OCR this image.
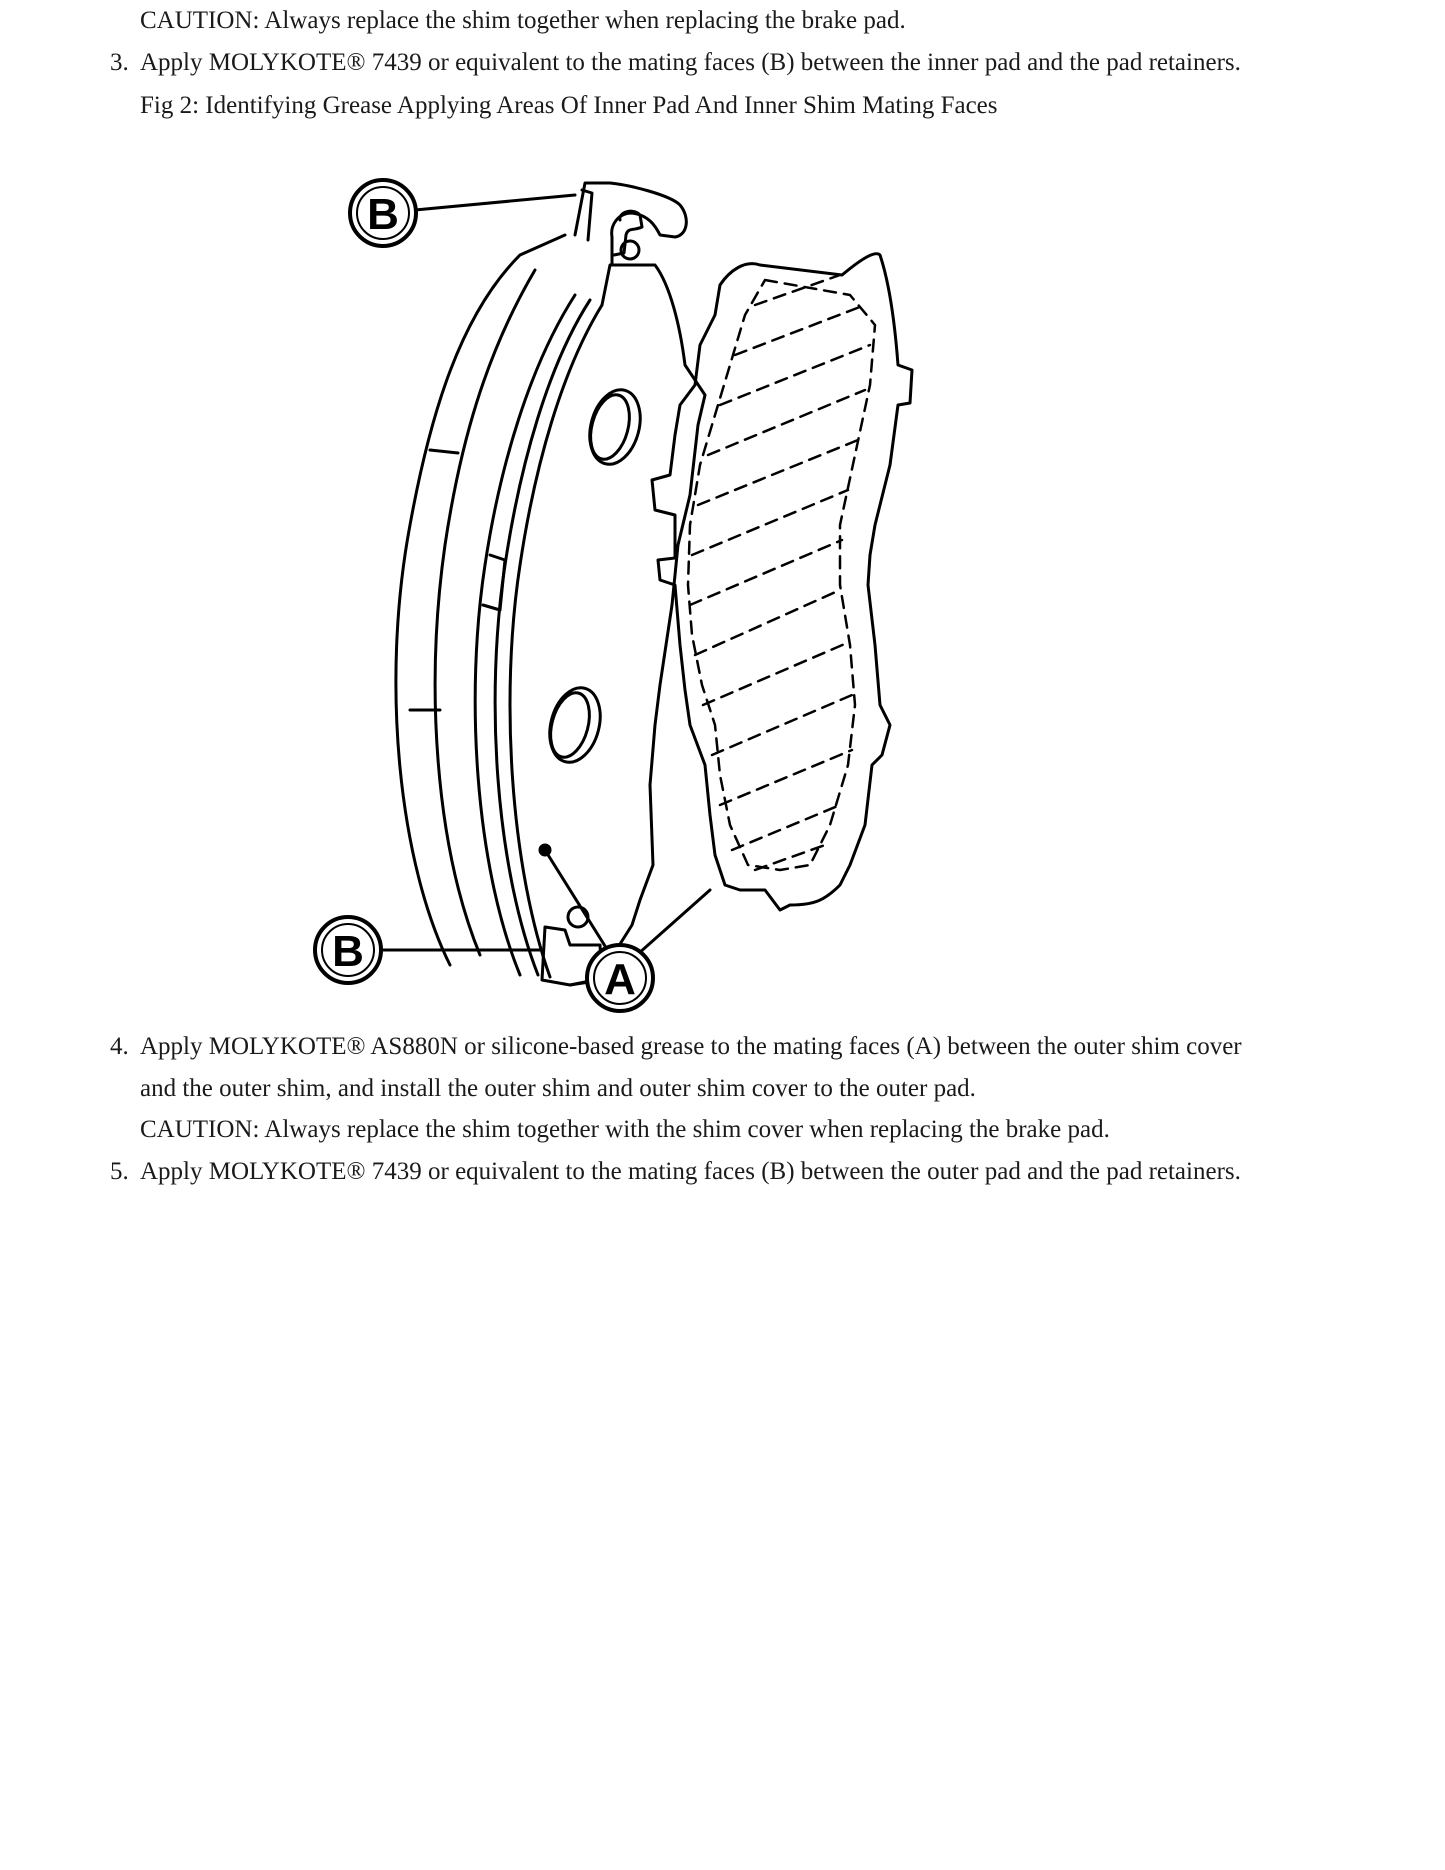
CAUTION: Always replace the shim together when replacing the brake pad.
3. Apply MOLYKOTE® 7439 or equivalent to the mating faces (B) between the inner pad and the pad retainers.
Fig 2: Identifying Grease Applying Areas Of Inner Pad And Inner Shim Mating Faces
B
B
A
4. Apply MOLYKOTE® AS880N or silicone-based grease to the mating faces (A) between the outer shim cover
and the outer shim, and install the outer shim and outer shim cover to the outer pad.
CAUTION: Always replace the shim together with the shim cover when replacing the brake pad.
5. Apply MOLYKOTE® 7439 or equivalent to the mating faces (B) between the outer pad and the pad retainers.
